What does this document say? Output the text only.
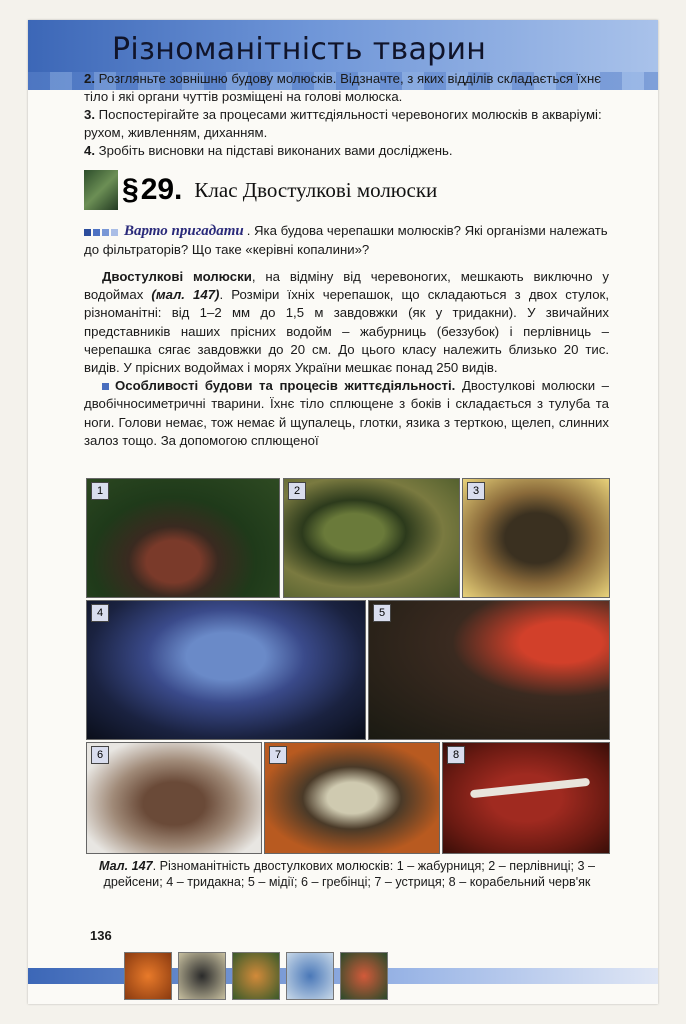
Різноманітність тварин

2. Розгляньте зовнішню будову молюсків. Відзначте, з яких відділів складається їхнє тіло і які органи чуттів розміщені на голові молюска.

3. Поспостерігайте за процесами життєдіяльності черевоногих молюсків в акваріумі: рухом, живленням, диханням.

4. Зробіть висновки на підставі виконаних вами досліджень.

§ 29. Клас Двостулкові молюски
Варто пригадати . Яка будова черепашки молюсків? Які організми належать до фільтраторів? Що таке «керівні копалини»?

Двостулкові молюски, на відміну від черевоногих, мешкають виключно у водоймах (мал. 147). Розміри їхніх черепашок, що складаються з двох стулок, різноманітні: від 1–2 мм до 1,5 м завдовжки (як у тридакни). У звичайних представників наших прісних водойм – жабурниць (беззубок) і перлівниць – черепашка сягає завдовжки до 20 см. До цього класу належить близько 20 тис. видів. У прісних водоймах і морях України мешкає понад 250 видів.

Особливості будови та процесів життєдіяльності. Двостулкові молюски – двобічносиметричні тварини. Їхнє тіло сплющене з боків і складається з тулуба та ноги. Голови немає, тож немає й щупалець, глотки, язика з терткою, щелеп, слинних залоз тощо. За допомогою сплющеної

1	2	3
4	5
6	7	8
Мал. 147. Різноманітність двостулкових молюсків: 1 – жабурниця; 2 – перлівниці; 3 – дрейсени; 4 – тридакна; 5 – мідії; 6 – гребінці; 7 – устриця; 8 – корабельний черв'як
136
